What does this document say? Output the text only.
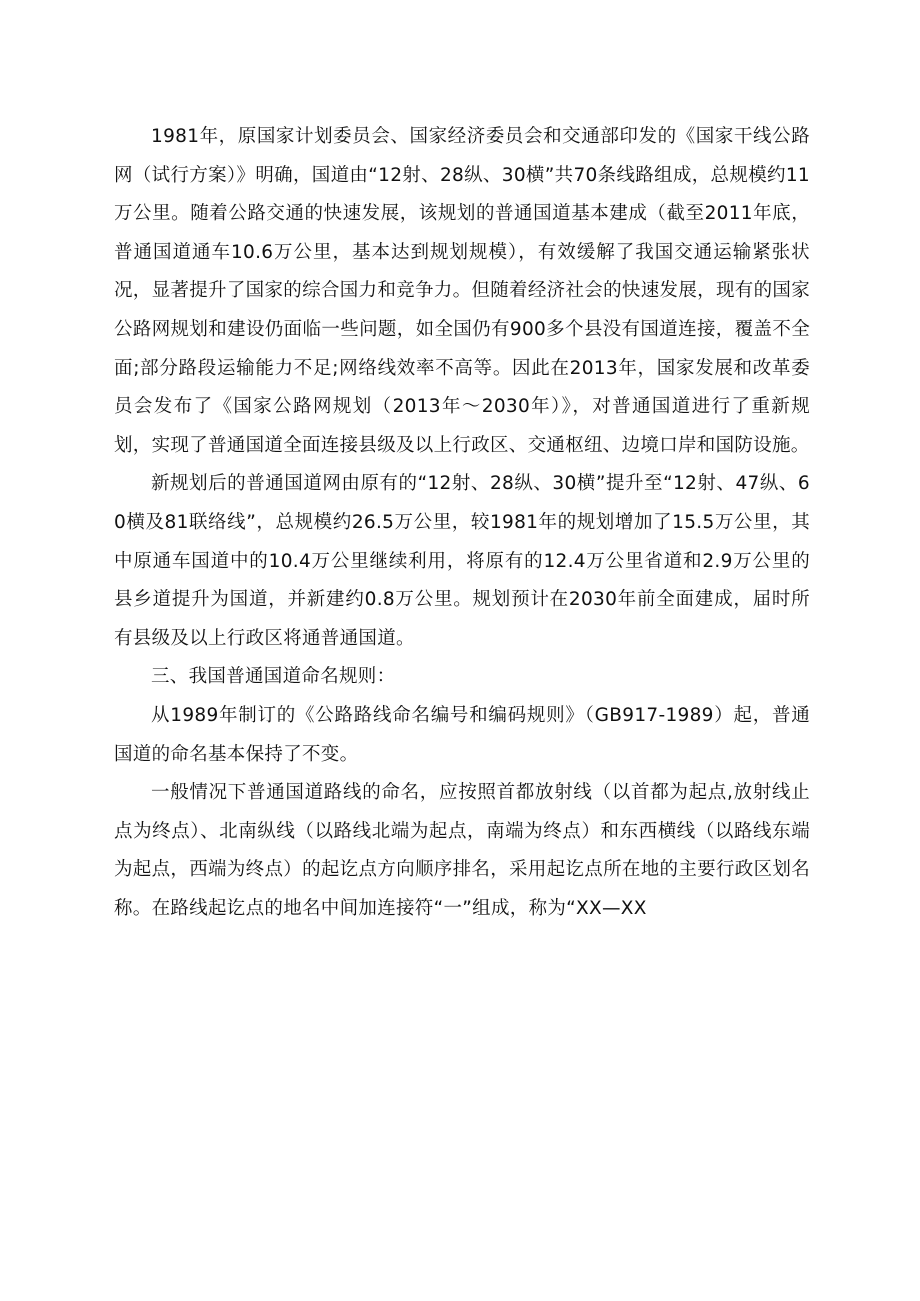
1981年，原国家计划委员会、国家经济委员会和交通部印发的《国家干线公路网（试行方案）》明确，国道由“12射、28纵、30横”共70条线路组成，总规模约11万公里。随着公路交通的快速发展，该规划的普通国道基本建成（截至2011年底，普通国道通车10.6万公里，基本达到规划规模），有效缓解了我国交通运输紧张状况，显著提升了国家的综合国力和竞争力。但随着经济社会的快速发展，现有的国家公路网规划和建设仍面临一些问题，如全国仍有900多个县没有国道连接，覆盖不全面;部分路段运输能力不足;网络线效率不高等。因此在2013年，国家发展和改革委员会发布了《国家公路网规划（2013年～2030年）》，对普通国道进行了重新规划，实现了普通国道全面连接县级及以上行政区、交通枢纽、边境口岸和国防设施。

新规划后的普通国道网由原有的“12射、28纵、30横”提升至“12射、47纵、60横及81联络线”，总规模约26.5万公里，较1981年的规划增加了15.5万公里，其中原通车国道中的10.4万公里继续利用，将原有的12.4万公里省道和2.9万公里的县乡道提升为国道，并新建约0.8万公里。规划预计在2030年前全面建成，届时所有县级及以上行政区将通普通国道。

三、我国普通国道命名规则：

从1989年制订的《公路路线命名编号和编码规则》（GB917-1989）起，普通国道的命名基本保持了不变。

一般情况下普通国道路线的命名，应按照首都放射线（以首都为起点,放射线止点为终点）、北南纵线（以路线北端为起点，南端为终点）和东西横线（以路线东端为起点，西端为终点）的起讫点方向顺序排名，采用起讫点所在地的主要行政区划名称。在路线起讫点的地名中间加连接符“一”组成，称为“XX—XX
